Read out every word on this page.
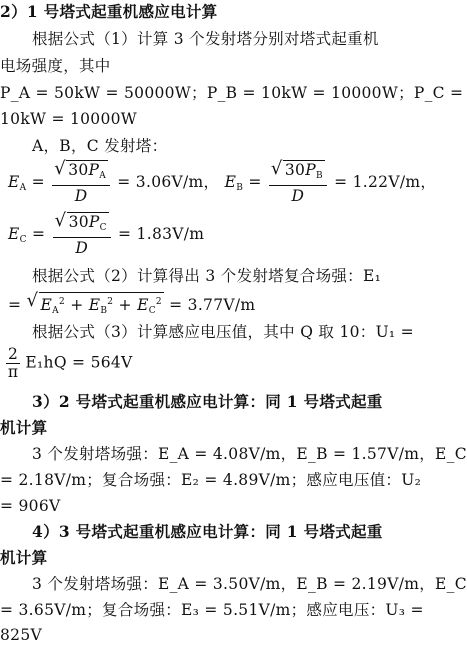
2）1 号塔式起重机感应电计算
根据公式（1）计算 3 个发射塔分别对塔式起重机
电场强度，其中
P_A = 50kW = 50000W；P_B = 10kW = 10000W；P_C =
10kW = 10000W
A，B，C 发射塔：
$E_A = \frac{√ 30P_A}{D} = 3.06V/m$， $E_B = \frac{√ 30P_B}{D} = 1.22V/m$，
$E_C = \frac{√ 30P_C}{D} = 1.83V/m$
根据公式（2）计算得出 3 个发射塔复合场强：E₁
= √ $E_A^2 + E_B^2 + E_C^2 = 3.77V/m$
根据公式（3）计算感应电压值，其中 Q 取 10：U₁ =
$\frac{2}{\pi} E_1hQ = 564V$
3）2 号塔式起重机感应电计算：同 1 号塔式起重
机计算
3 个发射塔场强：E_A = 4.08V/m，E_B = 1.57V/m，E_C
= 2.18V/m；复合场强：E₂ = 4.89V/m；感应电压值：U₂
= 906V
4）3 号塔式起重机感应电计算：同 1 号塔式起重
机计算
3 个发射塔场强：E_A = 3.50V/m，E_B = 2.19V/m，E_C
= 3.65V/m；复合场强：E₃ = 5.51V/m；感应电压：U₃ =
825V
